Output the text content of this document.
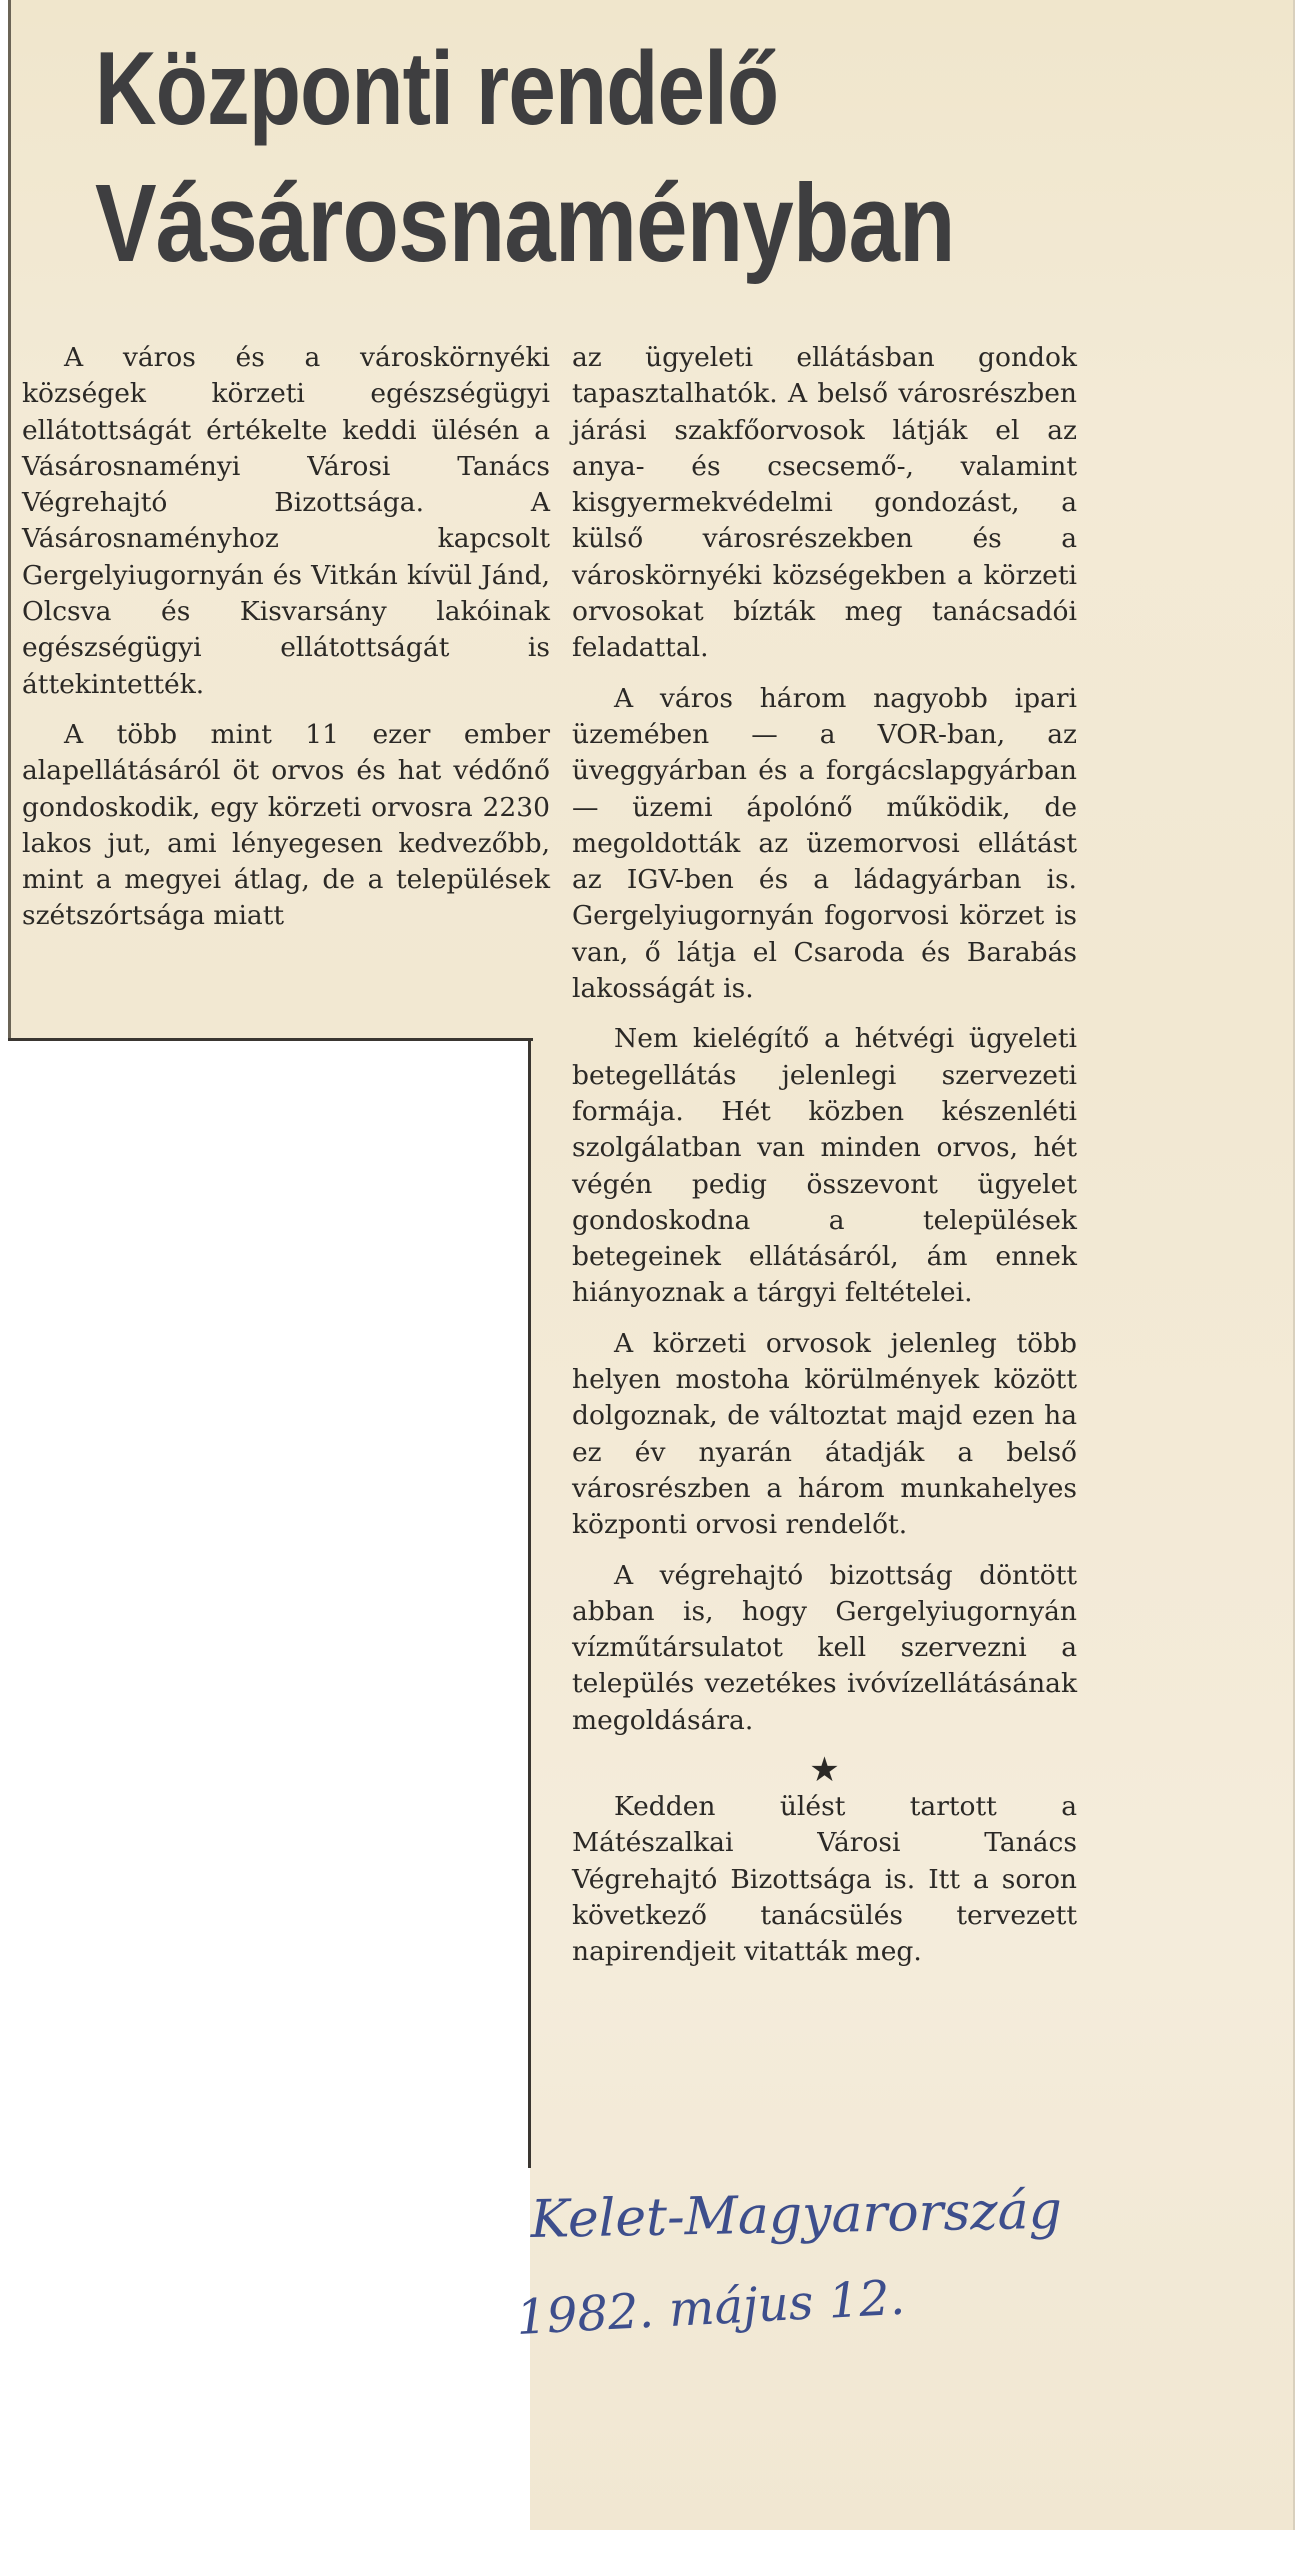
Központi rendelő
Vásárosnaményban

A város és a városkörnyéki községek körzeti egészségügyi ellátottságát értékelte keddi ülésén a Vásárosnaményi Városi Tanács Végrehajtó Bizottsága. A Vásárosnaményhoz kapcsolt Gergelyiugornyán és Vitkán kívül Jánd, Olcsva és Kisvarsány lakóinak egészségügyi ellátottságát is áttekintették.

A több mint 11 ezer ember alapellátásáról öt orvos és hat védőnő gondoskodik, egy körzeti orvosra 2230 lakos jut, ami lényegesen kedvezőbb, mint a megyei átlag, de a települések szétszórtsága miatt

az ügyeleti ellátásban gondok tapasztalhatók. A belső városrészben járási szakfőorvosok látják el az anya- és csecsemő-, valamint kisgyermekvédelmi gondozást, a külső városrészekben és a városkörnyéki községekben a körzeti orvosokat bízták meg tanácsadói feladattal.

A város három nagyobb ipari üzemében — a VOR-ban, az üveggyárban és a forgácslapgyárban — üzemi ápolónő működik, de megoldották az üzemorvosi ellátást az IGV-ben és a ládagyárban is. Gergelyiugornyán fogorvosi körzet is van, ő látja el Csaroda és Barabás lakosságát is.

Nem kielégítő a hétvégi ügyeleti betegellátás jelenlegi szervezeti formája. Hét közben készenléti szolgálatban van minden orvos, hét végén pedig összevont ügyelet gondoskodna a települések betegeinek ellátásáról, ám ennek hiányoznak a tárgyi feltételei.

A körzeti orvosok jelenleg több helyen mostoha körülmények között dolgoznak, de változtat majd ezen ha ez év nyarán átadják a belső városrészben a három munkahelyes központi orvosi rendelőt.

A végrehajtó bizottság döntött abban is, hogy Gergelyiugornyán vízműtársulatot kell szervezni a település vezetékes ivóvízellátásának megoldására.

★

Kedden ülést tartott a Mátészalkai Városi Tanács Végrehajtó Bizottsága is. Itt a soron következő tanácsülés tervezett napirendjeit vitatták meg.

Kelet-Magyarország
1982. május 12.
